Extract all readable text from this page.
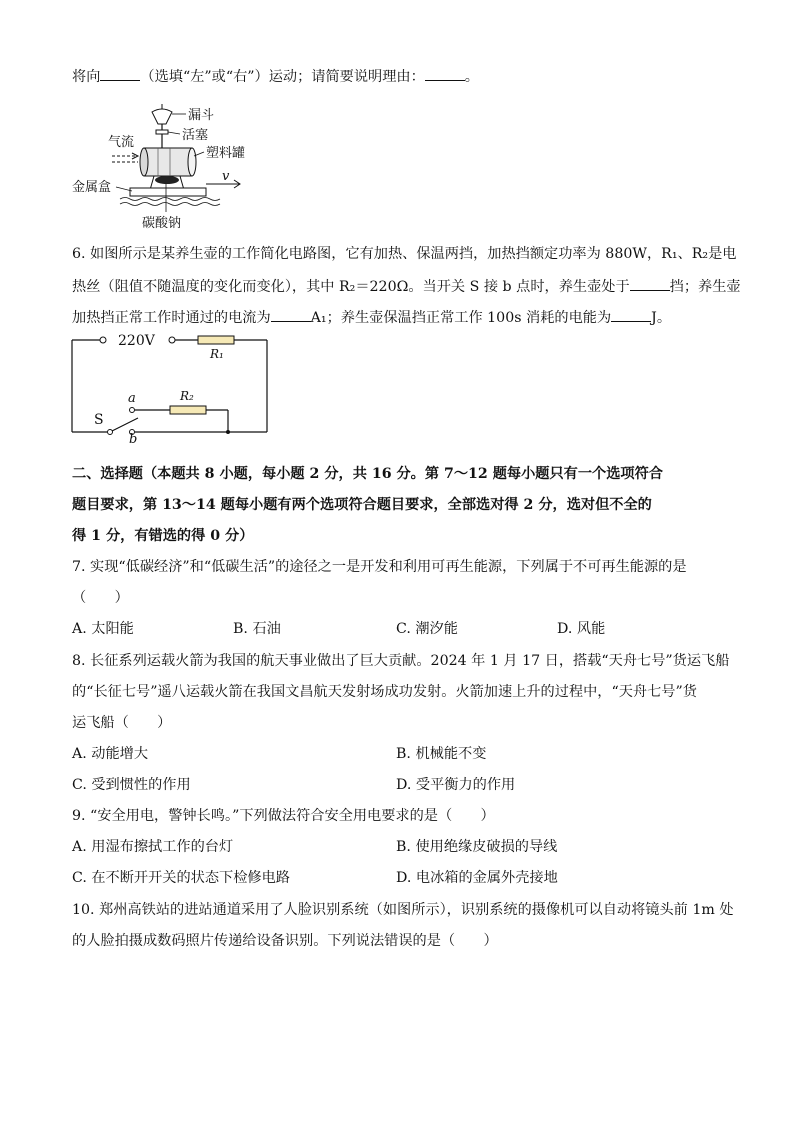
将向	（选填“左”或“右”）运动；请简要说明理由：	。
漏斗
活塞
气流
塑料罐
金属盒
v
碳酸钠
6. 如图所示是某养生壶的工作简化电路图，它有加热、保温两挡，加热挡额定功率为 880W，R₁、R₂是电
热丝（阻值不随温度的变化而变化），其中 R₂＝220Ω。当开关 S 接 b 点时，养生壶处于	挡；养生壶
加热挡正常工作时通过的电流为	A₁；养生壶保温挡正常工作 100s 消耗的电能为	J。
220V
R₁
a	R₂
S
b
二、选择题（本题共 8 小题，每小题 2 分，共 16 分。第 7～12 题每小题只有一个选项符合
题目要求，第 13～14 题每小题有两个选项符合题目要求，全部选对得 2 分，选对但不全的
得 1 分，有错选的得 0 分）
7. 实现“低碳经济”和“低碳生活”的途径之一是开发和利用可再生能源，下列属于不可再生能源的是
（　　）
A. 太阳能	B. 石油	C. 潮汐能	D. 风能
8. 长征系列运载火箭为我国的航天事业做出了巨大贡献。2024 年 1 月 17 日，搭载“天舟七号”货运飞船
的“长征七号”遥八运载火箭在我国文昌航天发射场成功发射。火箭加速上升的过程中，“天舟七号”货
运飞船（　　）
A. 动能增大	B. 机械能不变
C. 受到惯性的作用	D. 受平衡力的作用
9. “安全用电，警钟长鸣。”下列做法符合安全用电要求的是（　　）
A. 用湿布擦拭工作的台灯	B. 使用绝缘皮破损的导线
C. 在不断开开关的状态下检修电路	D. 电冰箱的金属外壳接地
10. 郑州高铁站的进站通道采用了人脸识别系统（如图所示），识别系统的摄像机可以自动将镜头前 1m 处
的人脸拍摄成数码照片传递给设备识别。下列说法错误的是（　　）
